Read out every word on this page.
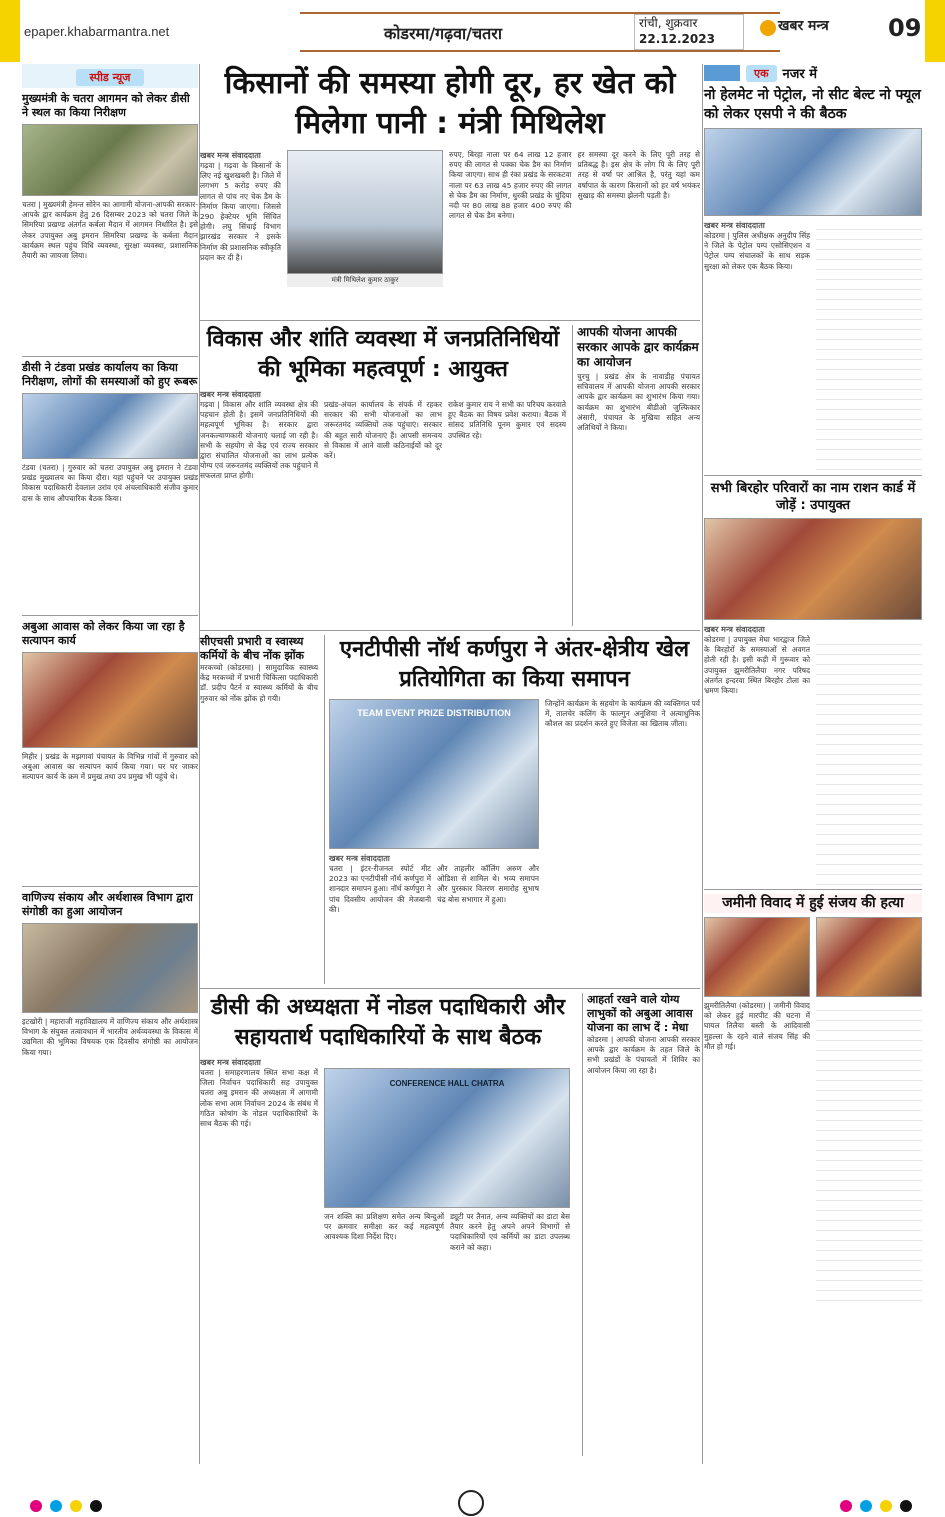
epaper.khabarmantra.net	कोडरमा/गढ़वा/चतरा
रांची, शुक्रवार
22.12.2023
खबर मन्त्र 09
स्पीड न्यूज
मुख्यमंत्री के चतरा आगमन को लेकर डीसी ने स्थल का किया निरीक्षण
चतरा | मुख्यमंत्री हेमन्त सोरेन का आगामी योजना-आपकी सरकार-आपके द्वार कार्यक्रम हेतु 26 दिसम्बर 2023 को चतरा जिले के सिमरिया प्रखण्ड अंतर्गत कर्बला मैदान में आगमन निर्धारित है। इसे लेकर उपायुक्त अबु इमरान सिमरिया प्रखण्ड के कर्बला मैदान कार्यक्रम स्थल पहुंच विधि व्यवस्था, सुरक्षा व्यवस्था, प्रशासनिक तैयारी का जायजा लिया।
डीसी ने टंडवा प्रखंड कार्यालय का किया निरीक्षण, लोगों की समस्याओं को हुए रूबरू
टंडवा (चतरा) | गुरुवार को चतरा उपायुक्त अबु इमरान ने टंडवा प्रखंड मुख्यालय का किया दौरा। यहां पहुंचने पर उपायुक्त प्रखंड विकास पदाधिकारी देवलाल उरांव एवं अंचलाधिकारी संजीव कुमार दास के साथ औपचारिक बैठक किया।
अबुआ आवास को लेकर किया जा रहा है सत्यापन कार्य
मिहीर | प्रखंड के मझगावां पंचायत के विभिन्न गांवों में गुरुवार को अबुआ आवास का सत्यापन कार्य किया गया। घर घर जाकर सत्यापन कार्य के क्रम में प्रमुख तथा उप प्रमुख भी पहुंचे थे।
वाणिज्य संकाय और अर्थशास्त्र विभाग द्वारा संगोष्ठी का हुआ आयोजन
इटखोरी | महाराजी महाविद्यालय में वाणिज्य संकाय और अर्थशास्त्र विभाग के संयुक्त तत्वावधान में भारतीय अर्थव्यवस्था के विकास में उद्यमिता की भूमिका विषयक एक दिवसीय संगोष्ठी का आयोजन किया गया।
किसानों की समस्या होगी दूर, हर खेत को मिलेगा पानी : मंत्री मिथिलेश
खबर मन्त्र संवाददाता
गढ़वा | गढ़वा के किसानों के लिए नई खुशखबरी है। जिले में लगभग 5 करोड़ रुपए की लागत से पांच नए चेक डैम के निर्माण किया जाएगा। जिससे 290 हेक्टेयर भूमि सिंचित होगी। लघु सिंचाई विभाग झारखंड सरकार ने इसके निर्माण की प्रशासनिक स्वीकृति प्रदान कर दी है।
मंत्री मिथिलेश कुमार ठाकुर
रुपए, बिरहा नाला पर 64 लाख 12 हजार रुपए की लागत से पक्का चेक डैम का निर्माण किया जाएगा। साथ ही रंका प्रखंड के सरकटवा नाला पर 63 लाख 45 हजार रुपए की लागत से चेक डैम का निर्माण, धुरकी प्रखंड के चुंदिया नदी पर 80 लाख 88 हजार 400 रुपए की लागत से चेक डैम बनेगा।
हर समस्या दूर करने के लिए पूरी तरह से प्रतिबद्ध है। इस क्षेत्र के लोग पि के लिए पूरी तरह से वर्षा पर आश्रित है, परंतु यहां कम वर्षापात के कारण किसानों को हर वर्ष भयंकर सुखाड़ की समस्या झेलनी पड़ती है।
विकास और शांति व्यवस्था में जनप्रतिनिधियों की भूमिका महत्वपूर्ण : आयुक्त
खबर मन्त्र संवाददाता
गढ़वा | विकास और शांति व्यवस्था क्षेत्र की पहचान होती है। इसमें जनप्रतिनिधियों की महत्वपूर्ण भूमिका है। सरकार द्वारा जनकल्याणकारी योजनाएं चलाई जा रही है। सभी के सहयोग से केंद्र एवं राज्य सरकार द्वारा संचालित योजनाओं का लाभ प्रत्येक योग्य एवं जरूरतमंद व्यक्तियों तक पहुंचाने में सफलता प्राप्त होगी।
प्रखंड-अंचल कार्यालय के संपर्क में रहकर सरकार की सभी योजनाओं का लाभ जरूरतमंद व्यक्तियों तक पहुंचाएं। सरकार की बहुत सारी योजनाएं हैं। आपसी समन्वय से विकास में आने वाली कठिनाईयों को दूर करें।
राकेश कुमार राय ने सभी का परिचय करवाते हुए बैठक का विषय प्रवेश कराया। बैठक में सांसद प्रतिनिधि पूनम कुमार एवं सदस्य उपस्थित रहे।
आपकी योजना आपकी सरकार आपके द्वार कार्यक्रम का आयोजन
चुरचु | प्रखंड क्षेत्र के नावाडीह पंचायत सचिवालय में आपकी योजना आपकी सरकार आपके द्वार कार्यक्रम का शुभारंभ किया गया। कार्यक्रम का शुभारंभ बीडीओ जुल्फिकार अंसारी, पंचायत के मुखिया सहित अन्य अतिथियों ने किया।
सीएचसी प्रभारी व स्वास्थ्य कर्मियों के बीच नोंक झोंक
मरकच्चो (कोडरमा) | सामुदायिक स्वास्थ्य केंद्र मरकच्चो में प्रभारी चिकित्सा पदाधिकारी डॉ. प्रदीप पैटर्न व स्वास्थ्य कर्मियों के बीच गुरुवार को नोंक झोंक हो गयी।
एनटीपीसी नॉर्थ कर्णपुरा ने अंतर-क्षेत्रीय खेल प्रतियोगिता का किया समापन
TEAM EVENT PRIZE DISTRIBUTION
खबर मन्त्र संवाददाता
चतरा | इंटर-रीजनल स्पोर्ट मीट 2023 का एनटीपीसी नॉर्थ कर्णपुरा में शानदार समापन हुआ। नॉर्थ कर्णपुरा ने पांच दिवसीय आयोजन की मेजबानी की।
और ताहलीर कॉलिंग अरुण और ओडिशा से शामिल थे। भव्य समापन और पुरस्कार वितरण समारोह सुभाष चंद्र बोस सभागार में हुआ।
जिन्होंने कार्यक्रम के सहयोग के कार्यक्रम की व्यक्तिगत पर्व में, तालचेर कलिंग के फाल्गुन अनुशिया ने अत्याधुनिक कौशल का प्रदर्शन करते हुए विजेता का खिताब जीता।
डीसी की अध्यक्षता में नोडल पदाधिकारी और सहायतार्थ पदाधिकारियों के साथ बैठक
खबर मन्त्र संवाददाता
चतरा | समाहरणालय स्थित सभा कक्ष में जिला निर्वाचन पदाधिकारी सह उपायुक्त चतरा अबु इमरान की अध्यक्षता में आगामी लोक सभा आम निर्वाचन 2024 के संबंध में गठित कोषांग के नोडल पदाधिकारियों के साथ बैठक की गई।
CONFERENCE HALL CHATRA
जन शक्ति का प्रशिक्षण समेत अन्य बिन्दुओं पर क्रमवार समीक्षा कर कई महत्वपूर्ण आवश्यक दिशा निर्देश दिए।
ड्यूटी पर तैनात, अन्य व्यक्तियों का डाटा बेस तैयार करने हेतु अपने अपने विभागों से पदाधिकारियों एवं कर्मियों का डाटा उपलब्ध कराने को कहा।
आहर्ता रखने वाले योग्य लाभुकों को अबुआ आवास योजना का लाभ दें : मेधा
कोडरमा | आपकी योजना आपकी सरकार आपके द्वार कार्यक्रम के तहत जिले के सभी प्रखंडों के पंचायतों में शिविर का आयोजन किया जा रहा है।
एक	नजर में
नो हेलमेट नो पेट्रोल, नो सीट बेल्ट नो फ्यूल को लेकर एसपी ने की बैठक
खबर मन्त्र संवाददाता
कोडरमा | पुलिस अधीक्षक अनुदीप सिंह ने जिले के पेट्रोल पम्प एसोसिएशन व पेट्रोल पम्प संचालकों के साथ सड़क सुरक्षा को लेकर एक बैठक किया।
सभी बिरहोर परिवारों का नाम राशन कार्ड में जोड़ें : उपायुक्त
खबर मन्त्र संवाददाता
कोडरमा | उपायुक्त मेघा भारद्वाज जिले के बिरहोरों के समस्याओं से अवगत होती रही है। इसी कड़ी में गुरूवार को उपायुक्त झुमरीतिलैया नगर परिषद अंतर्गत इन्दरवा स्थित बिरहोर टोला का भ्रमण किया।
जमीनी विवाद में हुई संजय की हत्या
झुमरीतिलैया (कोडरमा) | जमीनी विवाद को लेकर हुई मारपीट की घटना में घायल तिलैया बस्ती के आदिवासी मुहल्ला के रहने वाले संजय सिंह की मौत हो गई।
